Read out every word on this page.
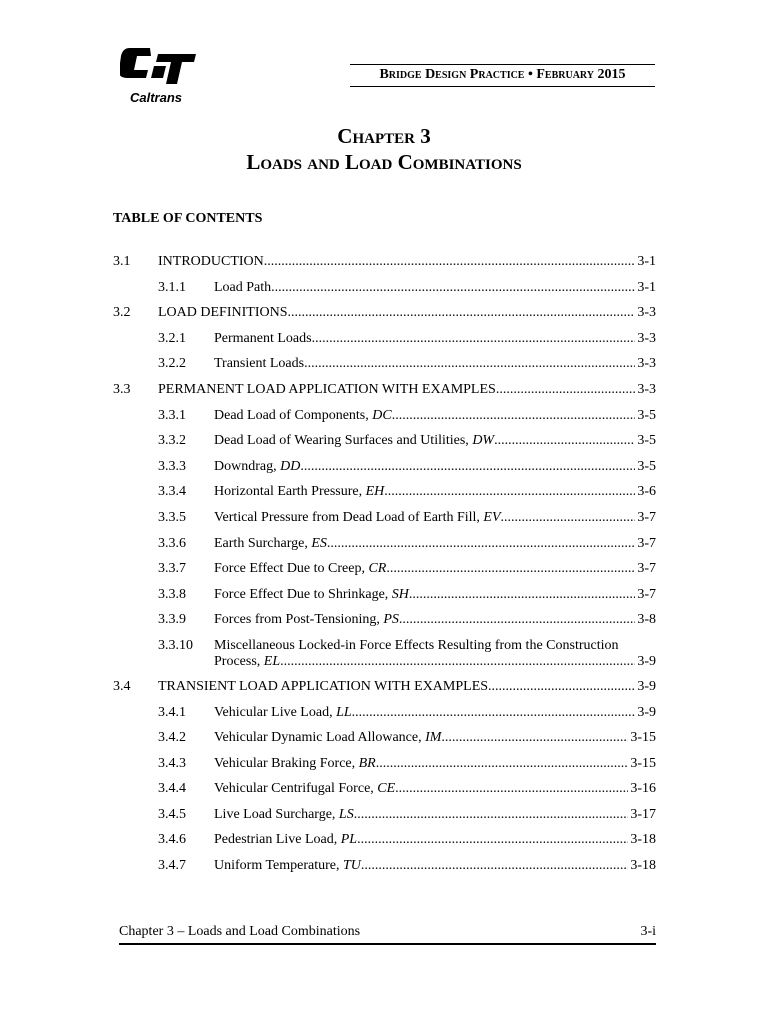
Caltrans
Bridge Design Practice • February 2015
Chapter 3
Loads and Load Combinations
TABLE OF CONTENTS
3.1 INTRODUCTION .....	3-1
3.1.1 Load Path .....	3-1
3.2 LOAD DEFINITIONS .....	3-3
3.2.1 Permanent Loads .....	3-3
3.2.2 Transient Loads .....	3-3
3.3 PERMANENT LOAD APPLICATION WITH EXAMPLES .....	3-3
3.3.1 Dead Load of Components, DC .....	3-5
3.3.2 Dead Load of Wearing Surfaces and Utilities, DW .....	3-5
3.3.3 Downdrag, DD .....	3-5
3.3.4 Horizontal Earth Pressure, EH .....	3-6
3.3.5 Vertical Pressure from Dead Load of Earth Fill, EV .....	3-7
3.3.6 Earth Surcharge, ES .....	3-7
3.3.7 Force Effect Due to Creep, CR .....	3-7
3.3.8 Force Effect Due to Shrinkage, SH .....	3-7
3.3.9 Forces from Post-Tensioning, PS .....	3-8
3.3.10 Miscellaneous Locked-in Force Effects Resulting from the Construction
Process, EL .....	3-9
3.4 TRANSIENT LOAD APPLICATION WITH EXAMPLES .....	3-9
3.4.1 Vehicular Live Load, LL .....	3-9
3.4.2 Vehicular Dynamic Load Allowance, IM .....	3-15
3.4.3 Vehicular Braking Force, BR .....	3-15
3.4.4 Vehicular Centrifugal Force, CE .....	3-16
3.4.5 Live Load Surcharge, LS .....	3-17
3.4.6 Pedestrian Live Load, PL .....	3-18
3.4.7 Uniform Temperature, TU .....	3-18
Chapter 3 – Loads and Load Combinations	3-i
